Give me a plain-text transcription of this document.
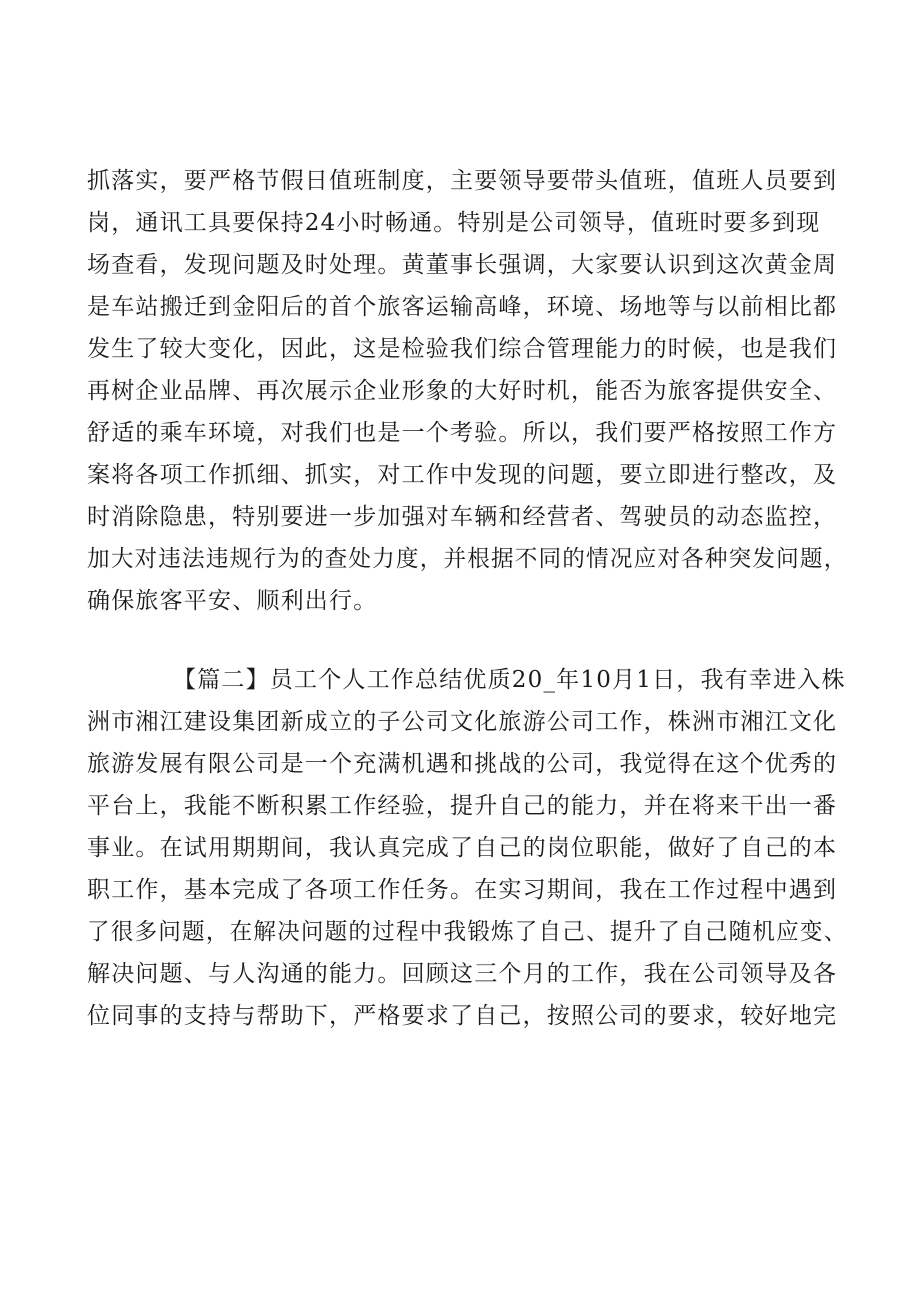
抓落实，要严格节假日值班制度，主要领导要带头值班，值班人员要到
岗，通讯工具要保持24小时畅通。特别是公司领导，值班时要多到现
场查看，发现问题及时处理。黄董事长强调，大家要认识到这次黄金周
是车站搬迁到金阳后的首个旅客运输高峰，环境、场地等与以前相比都
发生了较大变化，因此，这是检验我们综合管理能力的时候，也是我们
再树企业品牌、再次展示企业形象的大好时机，能否为旅客提供安全、
舒适的乘车环境，对我们也是一个考验。所以，我们要严格按照工作方
案将各项工作抓细、抓实，对工作中发现的问题，要立即进行整改，及
时消除隐患，特别要进一步加强对车辆和经营者、驾驶员的动态监控，
加大对违法违规行为的查处力度，并根据不同的情况应对各种突发问题，
确保旅客平安、顺利出行。
【篇二】员工个人工作总结优质20_年10月1日，我有幸进入株
洲市湘江建设集团新成立的子公司文化旅游公司工作，株洲市湘江文化
旅游发展有限公司是一个充满机遇和挑战的公司，我觉得在这个优秀的
平台上，我能不断积累工作经验，提升自己的能力，并在将来干出一番
事业。在试用期期间，我认真完成了自己的岗位职能，做好了自己的本
职工作，基本完成了各项工作任务。在实习期间，我在工作过程中遇到
了很多问题，在解决问题的过程中我锻炼了自己、提升了自己随机应变、
解决问题、与人沟通的能力。回顾这三个月的工作，我在公司领导及各
位同事的支持与帮助下，严格要求了自己，按照公司的要求，较好地完
